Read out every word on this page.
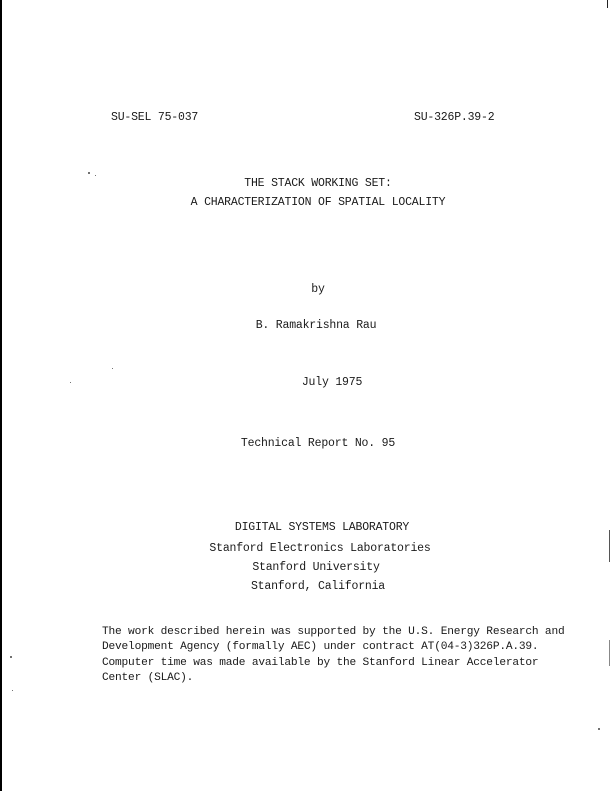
SU-SEL 75-037	SU-326P.39-2
THE STACK WORKING SET:
A CHARACTERIZATION OF SPATIAL LOCALITY
by
B. Ramakrishna Rau
July 1975
Technical Report No. 95
DIGITAL SYSTEMS LABORATORY
Stanford Electronics Laboratories
Stanford University
Stanford, California
The work described herein was supported by the U.S. Energy Research and
Development Agency (formally AEC) under contract AT(04-3)326P.A.39.
Computer time was made available by the Stanford Linear Accelerator
Center (SLAC).
